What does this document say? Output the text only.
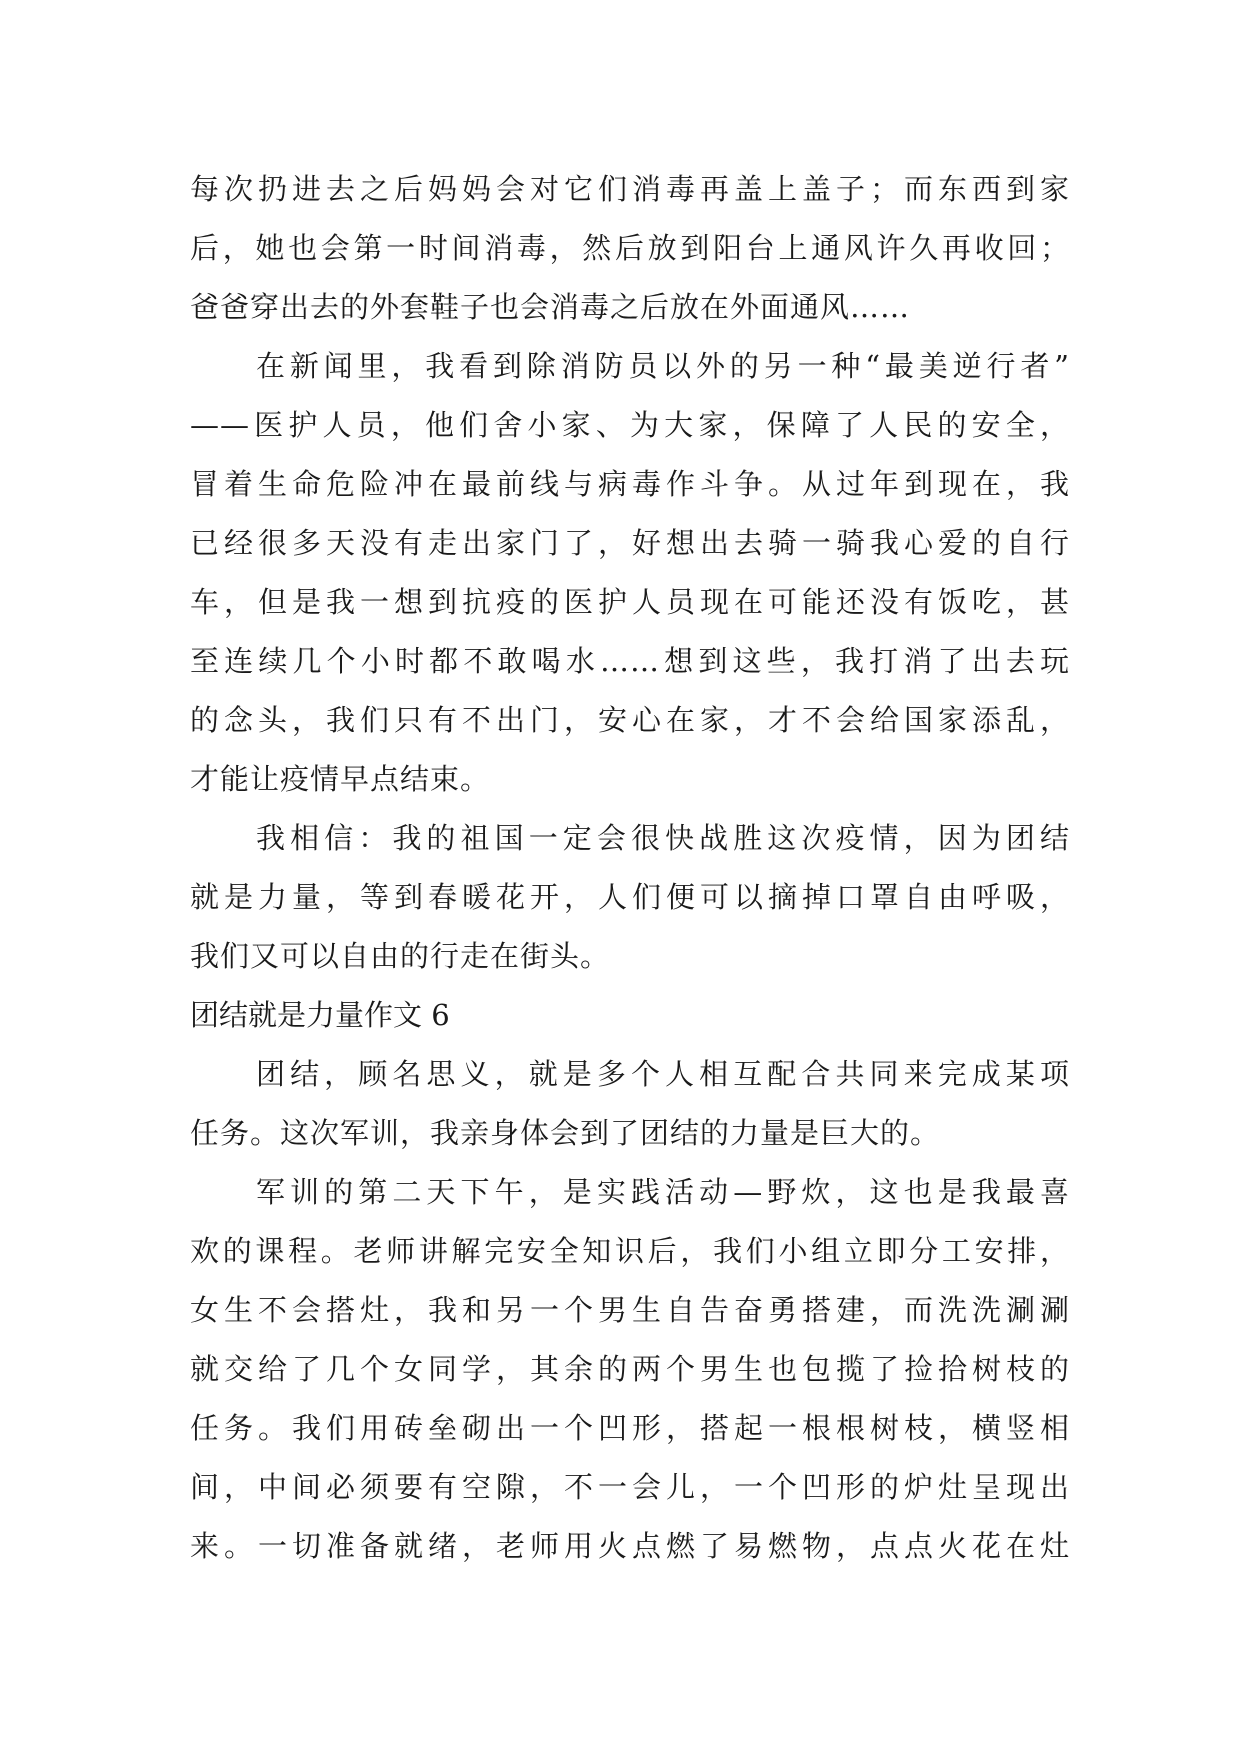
每次扔进去之后妈妈会对它们消毒再盖上盖子；而东西到家
后，她也会第一时间消毒，然后放到阳台上通风许久再收回；
爸爸穿出去的外套鞋子也会消毒之后放在外面通风……
在新闻里，我看到除消防员以外的另一种“最美逆行者”
——医护人员，他们舍小家、为大家，保障了人民的安全，
冒着生命危险冲在最前线与病毒作斗争。从过年到现在，我
已经很多天没有走出家门了，好想出去骑一骑我心爱的自行
车，但是我一想到抗疫的医护人员现在可能还没有饭吃，甚
至连续几个小时都不敢喝水……想到这些，我打消了出去玩
的念头，我们只有不出门，安心在家，才不会给国家添乱，
才能让疫情早点结束。
我相信：我的祖国一定会很快战胜这次疫情，因为团结
就是力量，等到春暖花开，人们便可以摘掉口罩自由呼吸，
我们又可以自由的行走在街头。
团结就是力量作文 6
团结，顾名思义，就是多个人相互配合共同来完成某项
任务。这次军训，我亲身体会到了团结的力量是巨大的。
军训的第二天下午，是实践活动—野炊，这也是我最喜
欢的课程。老师讲解完安全知识后，我们小组立即分工安排，
女生不会搭灶，我和另一个男生自告奋勇搭建，而洗洗涮涮
就交给了几个女同学，其余的两个男生也包揽了捡拾树枝的
任务。我们用砖垒砌出一个凹形，搭起一根根树枝，横竖相
间，中间必须要有空隙，不一会儿，一个凹形的炉灶呈现出
来。一切准备就绪，老师用火点燃了易燃物，点点火花在灶
